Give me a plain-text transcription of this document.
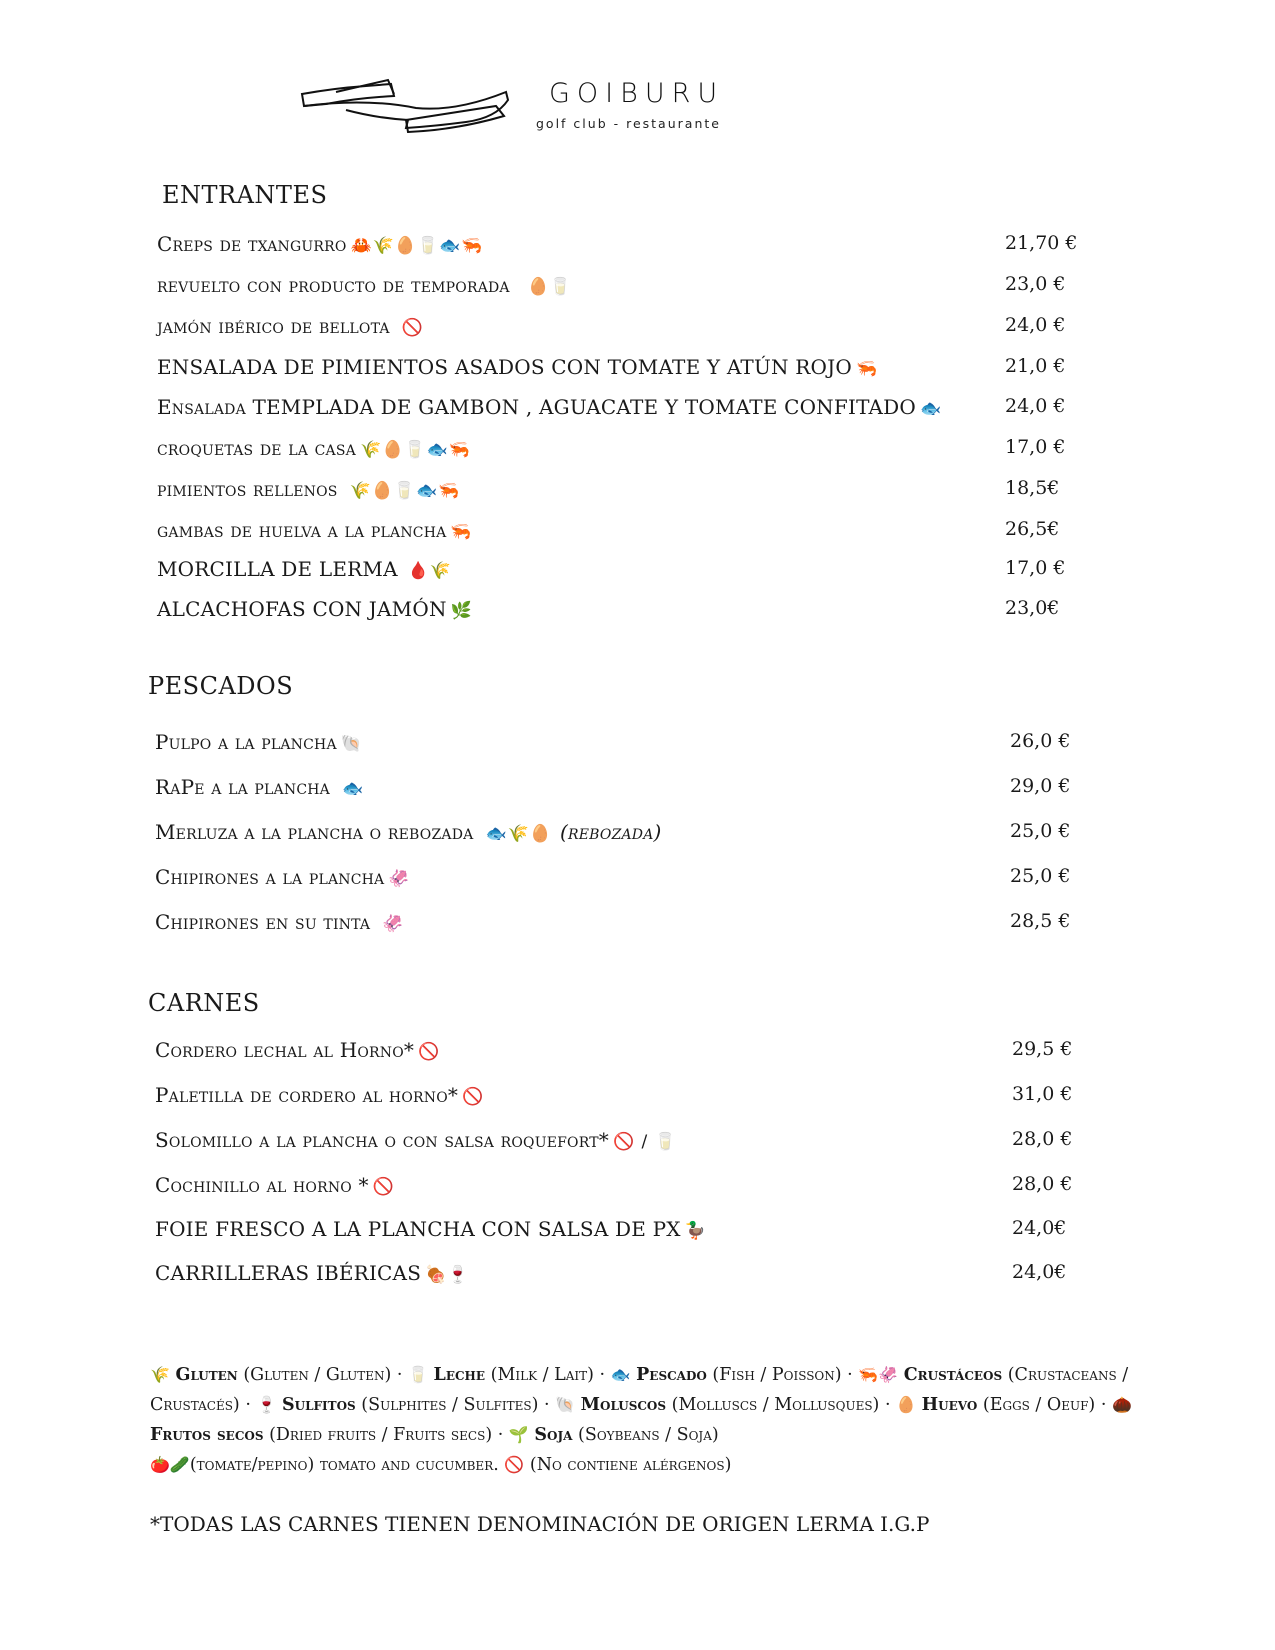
GOIBURU
golf club - restaurante
ENTRANTES
Creps de txangurro 🦀🌾🥚🥛🐟🦐	21,70 €
revuelto con producto de temporada 🥚🥛	23,0 €
jamón ibérico de bellota 🚫	24,0 €
ENSALADA DE PIMIENTOS ASADOS CON TOMATE Y ATÚN ROJO 🦐	21,0 €
Ensalada TEMPLADA DE GAMBON , AGUACATE Y TOMATE CONFITADO 🐟	24,0 €
croquetas de la casa 🌾🥚🥛🐟🦐	17,0 €
pimientos rellenos 🌾🥚🥛🐟🦐	18,5€
gambas de huelva a la plancha 🦐	26,5€
MORCILLA DE LERMA 🩸🌾	17,0 €
ALCACHOFAS CON JAMÓN 🌿	23,0€
PESCADOS
Pulpo a la plancha 🐚	26,0 €
RaPe a la plancha 🐟	29,0 €
Merluza a la plancha o rebozada 🐟🌾🥚 (rebozada)	25,0 €
Chipirones a la plancha 🦑	25,0 €
Chipirones en su tinta 🦑	28,5 €
CARNES
Cordero lechal al Horno* 🚫	29,5 €
Paletilla de cordero al horno* 🚫	31,0 €
Solomillo a la plancha o con salsa roquefort* 🚫 / 🥛	28,0 €
Cochinillo al horno * 🚫	28,0 €
FOIE FRESCO A LA PLANCHA CON SALSA DE PX 🦆	24,0€
CARRILLERAS IBÉRICAS 🍖🍷	24,0€
🌾 Gluten (Gluten / Gluten) · 🥛 Leche (Milk / Lait) · 🐟 Pescado (Fish / Poisson) · 🦐🦑 Crustáceos (Crustaceans / Crustacés) · 🍷 Sulfitos (Sulphites / Sulfites) · 🐚 Moluscos (Molluscs / Mollusques) · 🥚 Huevo (Eggs / Oeuf) · 🌰 Frutos secos (Dried fruits / Fruits secs) · 🌱 Soja (Soybeans / Soja)
🍅🥒(tomate/pepino) tomato and cucumber. 🚫 (No contiene alérgenos)
*TODAS LAS CARNES TIENEN DENOMINACIÓN DE ORIGEN LERMA I.G.P
